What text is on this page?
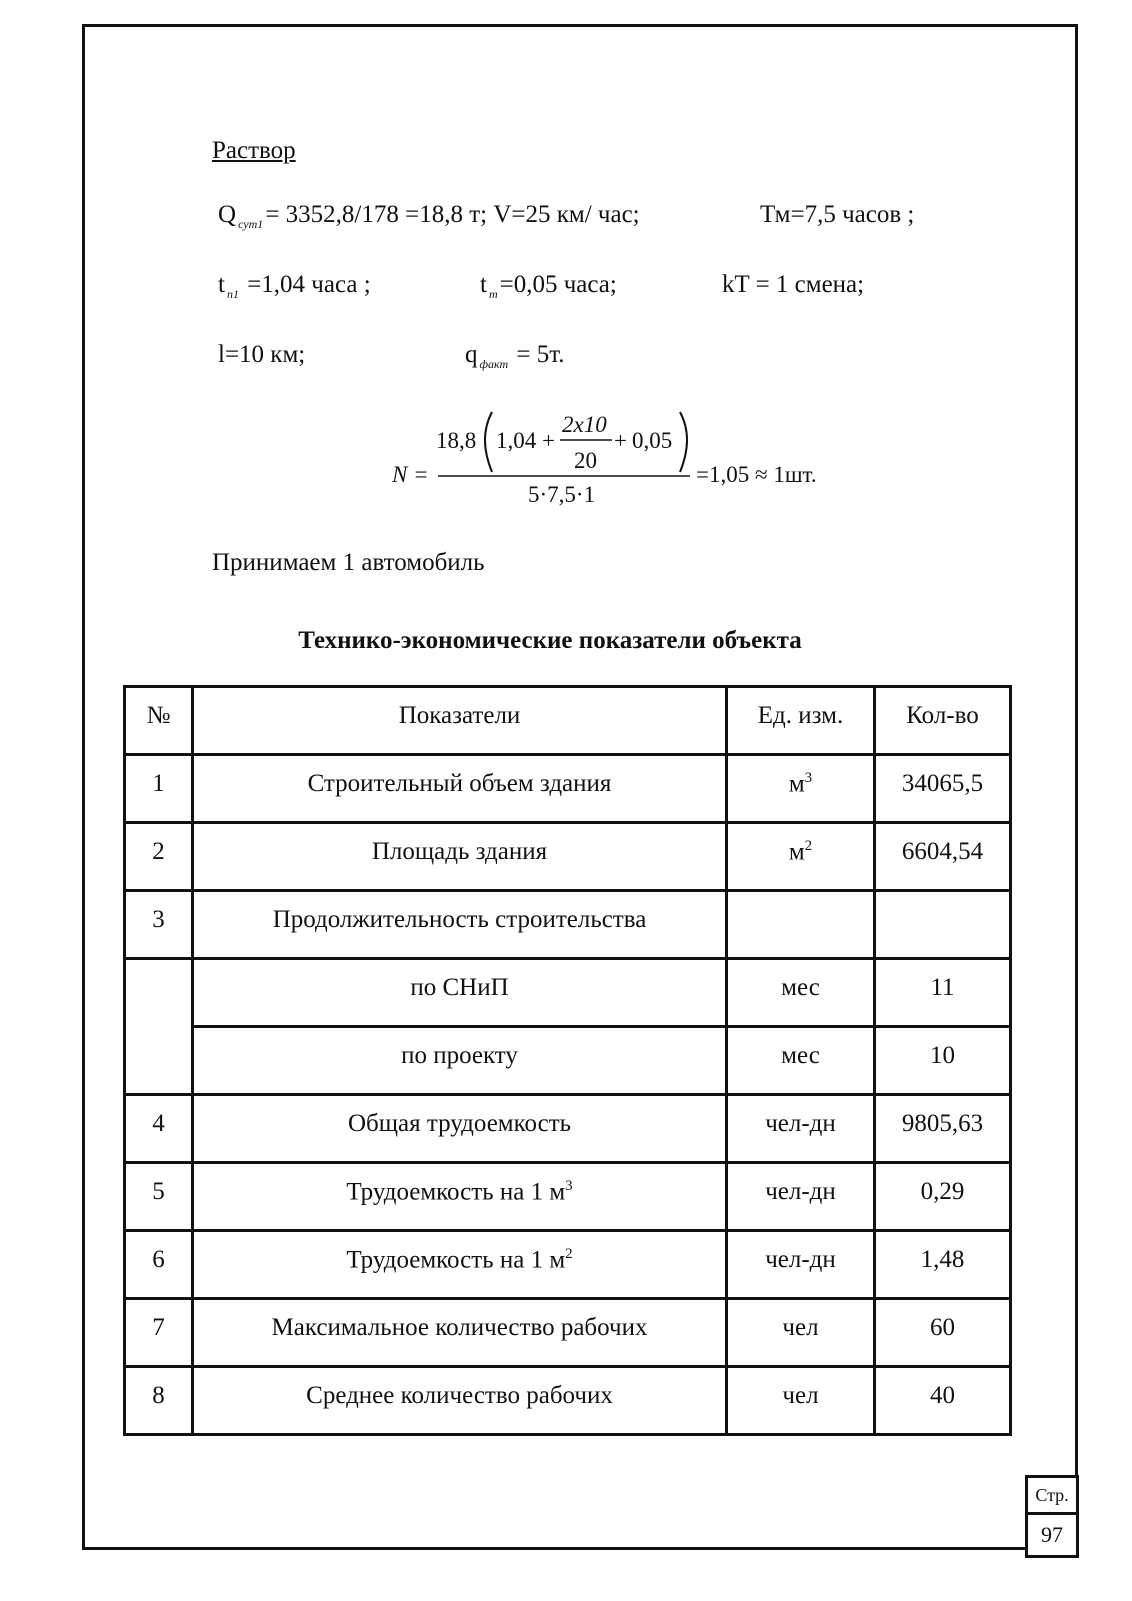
Раствор
Q $_{сут1}$= 3352,8/178 =18,8 т; V=25 км/ час;	Тм=7,5 часов ;
t $_{п1}$ =1,04 часа ;	t $_т$=0,05 часа;	kT = 1 смена;
l=10 км;	q $_{факт}$ = 5т.
N =
18,8 1,04 +
2x10
20
+ 0,05
5·7,5·1
=1,05 ≈ 1шт.
Принимаем 1 автомобиль
Технико-экономические показатели объекта
№	Показатели	Ед. изм.	Кол-во
1	Строительный объем здания	$м^3$	34065,5
2	Площадь здания	$м^2$	6604,54
3	Продолжительность строительства		
	по СНиП	мес	11
	по проекту	мес	10
4	Общая трудоемкость	чел-дн	9805,63
5	Трудоемкость на 1 $м^3$	чел-дн	0,29
6	Трудоемкость на 1 $м^2$	чел-дн	1,48
7	Максимальное количество рабочих	чел	60
8	Среднее количество рабочих	чел	40
Стр.
97
